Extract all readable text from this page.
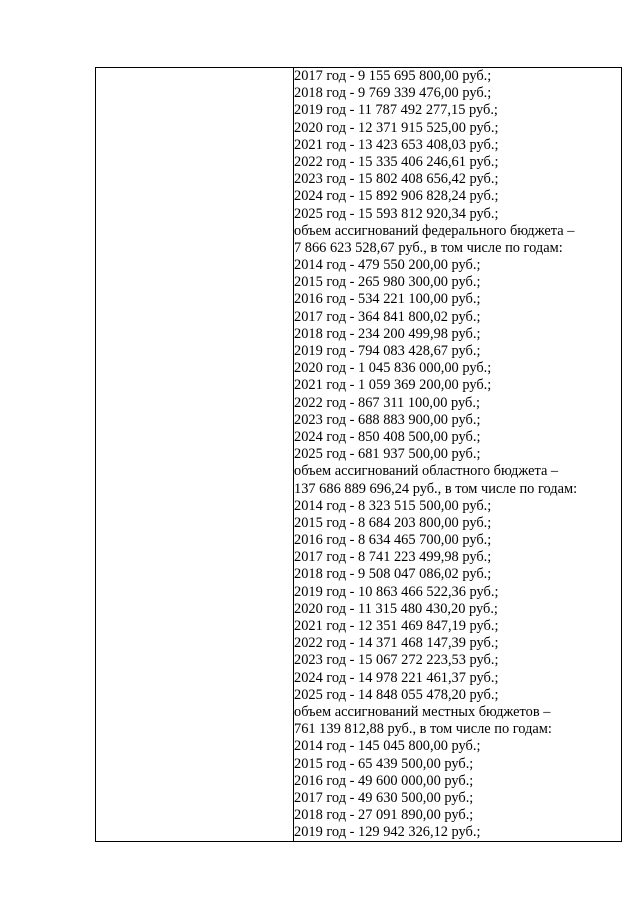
2017 год - 9 155 695 800,00 руб.;
2018 год - 9 769 339 476,00 руб.;
2019 год - 11 787 492 277,15 руб.;
2020 год - 12 371 915 525,00 руб.;
2021 год - 13 423 653 408,03 руб.;
2022 год - 15 335 406 246,61 руб.;
2023 год - 15 802 408 656,42 руб.;
2024 год - 15 892 906 828,24 руб.;
2025 год - 15 593 812 920,34 руб.;
объем ассигнований федерального бюджета –
7 866 623 528,67 руб., в том числе по годам:
2014 год - 479 550 200,00 руб.;
2015 год - 265 980 300,00 руб.;
2016 год - 534 221 100,00 руб.;
2017 год - 364 841 800,02 руб.;
2018 год - 234 200 499,98 руб.;
2019 год - 794 083 428,67 руб.;
2020 год - 1 045 836 000,00 руб.;
2021 год - 1 059 369 200,00 руб.;
2022 год - 867 311 100,00 руб.;
2023 год - 688 883 900,00 руб.;
2024 год - 850 408 500,00 руб.;
2025 год - 681 937 500,00 руб.;
объем ассигнований областного бюджета –
137 686 889 696,24 руб., в том числе по годам:
2014 год - 8 323 515 500,00 руб.;
2015 год - 8 684 203 800,00 руб.;
2016 год - 8 634 465 700,00 руб.;
2017 год - 8 741 223 499,98 руб.;
2018 год - 9 508 047 086,02 руб.;
2019 год - 10 863 466 522,36 руб.;
2020 год - 11 315 480 430,20 руб.;
2021 год - 12 351 469 847,19 руб.;
2022 год - 14 371 468 147,39 руб.;
2023 год - 15 067 272 223,53 руб.;
2024 год - 14 978 221 461,37 руб.;
2025 год - 14 848 055 478,20 руб.;
объем ассигнований местных бюджетов –
761 139 812,88 руб., в том числе по годам:
2014 год - 145 045 800,00 руб.;
2015 год - 65 439 500,00 руб.;
2016 год - 49 600 000,00 руб.;
2017 год - 49 630 500,00 руб.;
2018 год - 27 091 890,00 руб.;
2019 год - 129 942 326,12 руб.;
